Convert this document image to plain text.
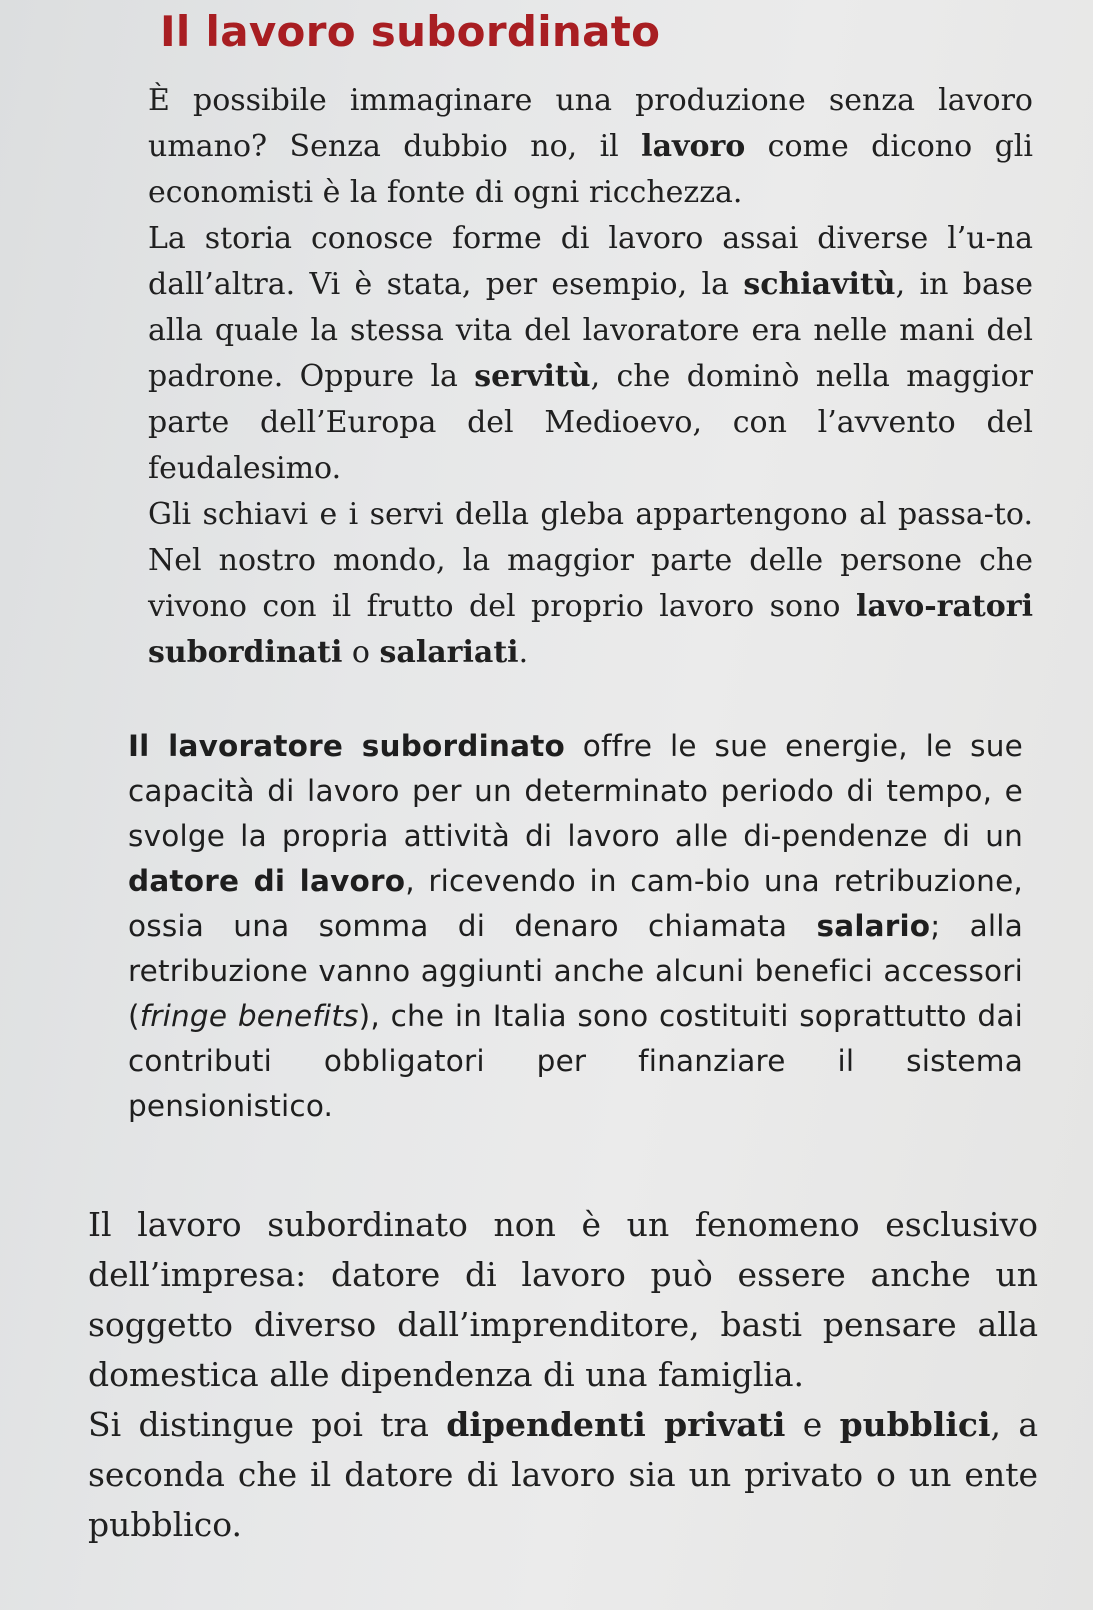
Il lavoro subordinato

È possibile immaginare una produzione senza lavoro umano? Senza dubbio no, il lavoro come dicono gli economisti è la fonte di ogni ricchezza.

La storia conosce forme di lavoro assai diverse l’u-na dall’altra. Vi è stata, per esempio, la schiavitù, in base alla quale la stessa vita del lavoratore era nelle mani del padrone. Oppure la servitù, che dominò nella maggior parte dell’Europa del Medioevo, con l’avvento del feudalesimo.

Gli schiavi e i servi della gleba appartengono al passa-to. Nel nostro mondo, la maggior parte delle persone che vivono con il frutto del proprio lavoro sono lavo-ratori subordinati o salariati.

Il lavoratore subordinato offre le sue energie, le sue capacità di lavoro per un determinato periodo di tempo, e svolge la propria attività di lavoro alle di-pendenze di un datore di lavoro, ricevendo in cam-bio una retribuzione, ossia una somma di denaro chiamata salario; alla retribuzione vanno aggiunti anche alcuni benefici accessori (fringe benefits), che in Italia sono costituiti soprattutto dai contributi obbligatori per finanziare il sistema pensionistico.

Il lavoro subordinato non è un fenomeno esclusivo dell’impresa: datore di lavoro può essere anche un soggetto diverso dall’imprenditore, basti pensare alla domestica alle dipendenza di una famiglia.

Si distingue poi tra dipendenti privati e pubblici, a seconda che il datore di lavoro sia un privato o un ente pubblico.
